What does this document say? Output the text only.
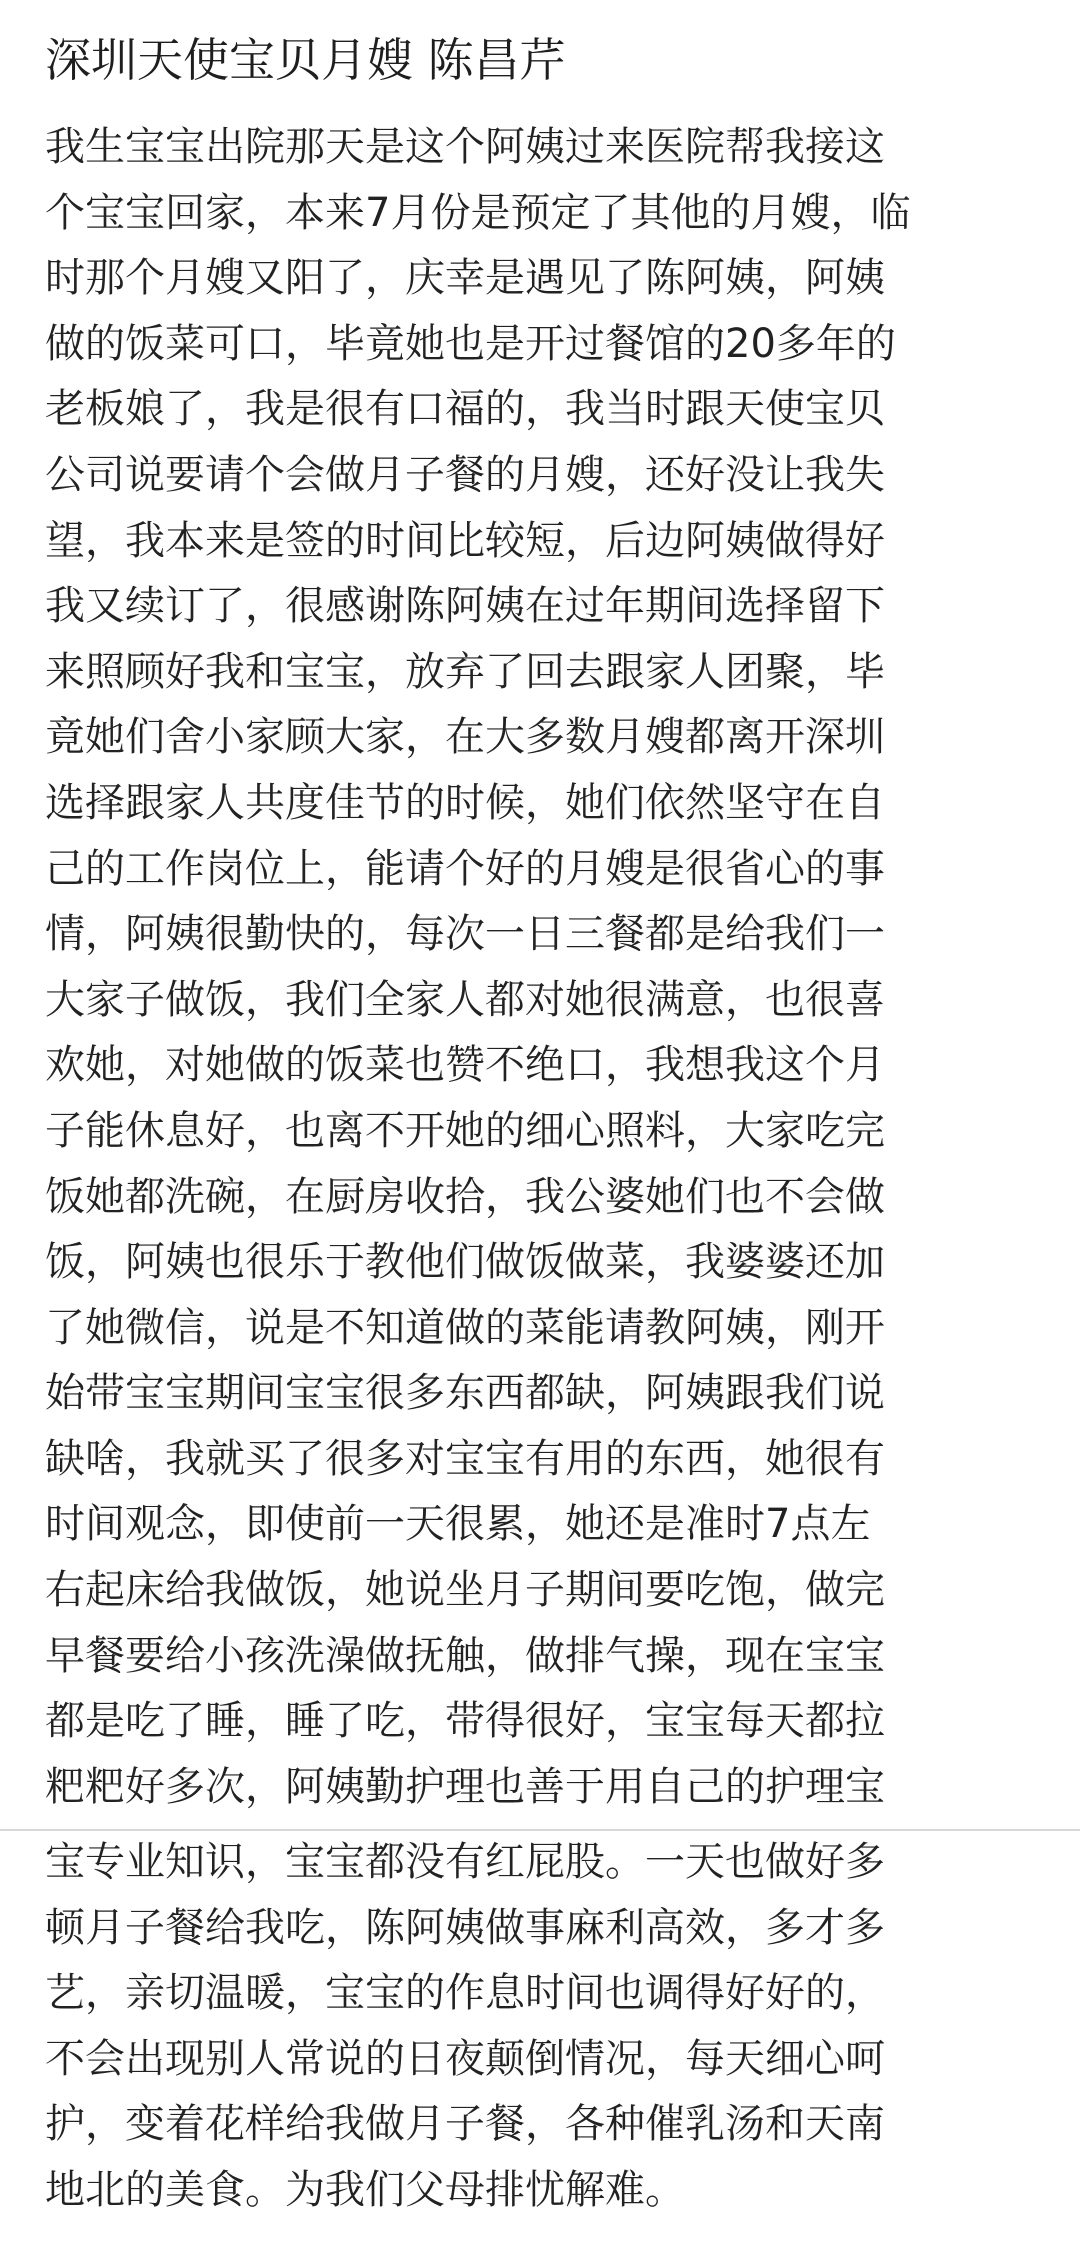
深圳天使宝贝月嫂 陈昌芹
我生宝宝出院那天是这个阿姨过来医院帮我接这
个宝宝回家，本来7月份是预定了其他的月嫂，临
时那个月嫂又阳了，庆幸是遇见了陈阿姨，阿姨
做的饭菜可口，毕竟她也是开过餐馆的20多年的
老板娘了，我是很有口福的，我当时跟天使宝贝
公司说要请个会做月子餐的月嫂，还好没让我失
望，我本来是签的时间比较短，后边阿姨做得好
我又续订了，很感谢陈阿姨在过年期间选择留下
来照顾好我和宝宝，放弃了回去跟家人团聚，毕
竟她们舍小家顾大家，在大多数月嫂都离开深圳
选择跟家人共度佳节的时候，她们依然坚守在自
己的工作岗位上，能请个好的月嫂是很省心的事
情，阿姨很勤快的，每次一日三餐都是给我们一
大家子做饭，我们全家人都对她很满意，也很喜
欢她，对她做的饭菜也赞不绝口，我想我这个月
子能休息好，也离不开她的细心照料，大家吃完
饭她都洗碗，在厨房收拾，我公婆她们也不会做
饭，阿姨也很乐于教他们做饭做菜，我婆婆还加
了她微信，说是不知道做的菜能请教阿姨，刚开
始带宝宝期间宝宝很多东西都缺，阿姨跟我们说
缺啥，我就买了很多对宝宝有用的东西，她很有
时间观念，即使前一天很累，她还是准时7点左
右起床给我做饭，她说坐月子期间要吃饱，做完
早餐要给小孩洗澡做抚触，做排气操，现在宝宝
都是吃了睡，睡了吃，带得很好，宝宝每天都拉
粑粑好多次，阿姨勤护理也善于用自己的护理宝
宝专业知识，宝宝都没有红屁股。一天也做好多
顿月子餐给我吃，陈阿姨做事麻利高效，多才多
艺，亲切温暖，宝宝的作息时间也调得好好的，
不会出现别人常说的日夜颠倒情况，每天细心呵
护，变着花样给我做月子餐，各种催乳汤和天南
地北的美食。为我们父母排忧解难。
